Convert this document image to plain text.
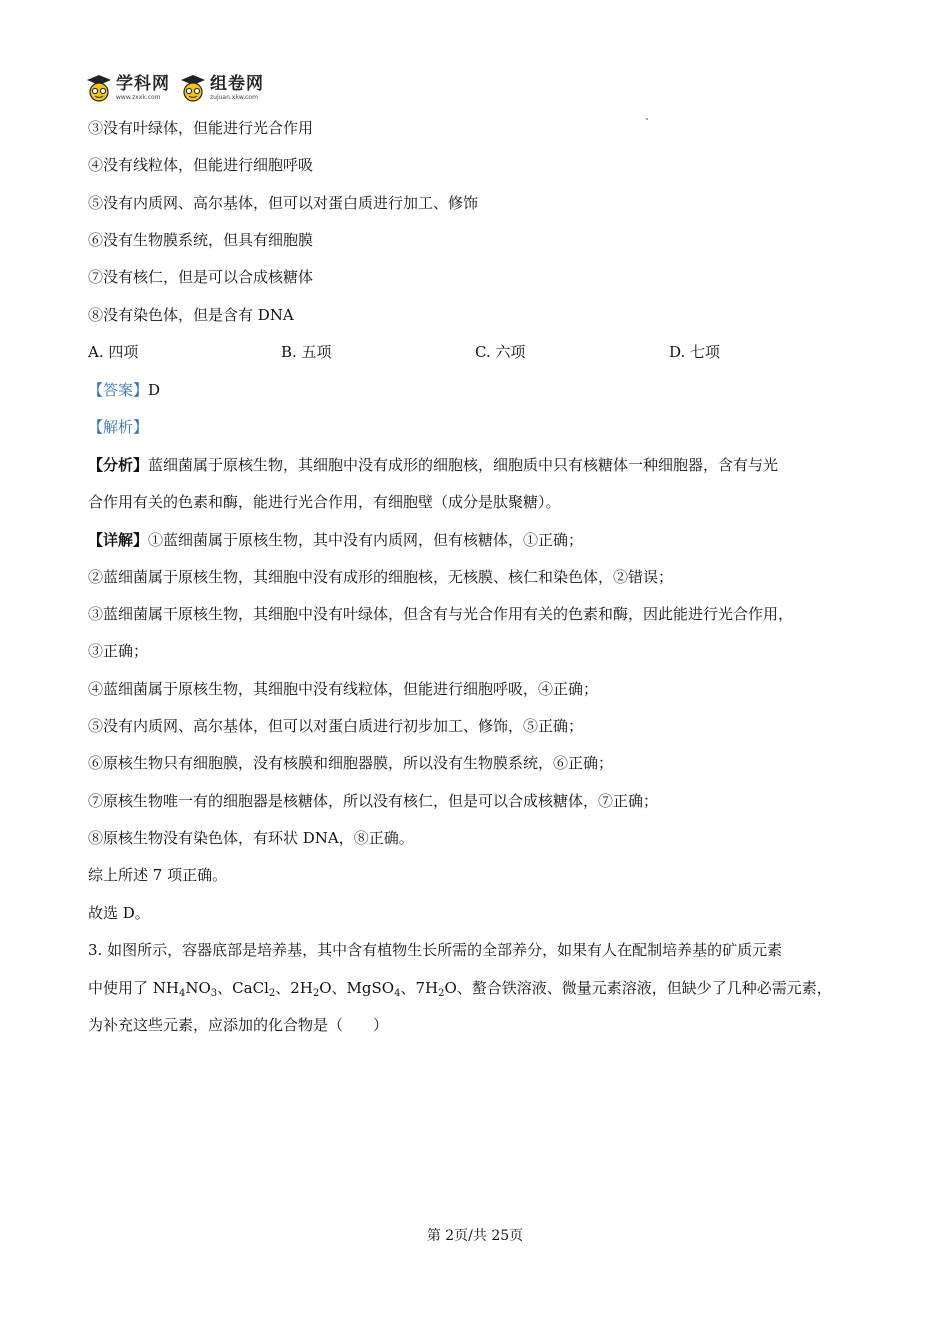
学科网
www.zxxk.com
组卷网
zujuan.xkw.com
③没有叶绿体，但能进行光合作用
④没有线粒体，但能进行细胞呼吸
⑤没有内质网、高尔基体，但可以对蛋白质进行加工、修饰
⑥没有生物膜系统，但具有细胞膜
⑦没有核仁，但是可以合成核糖体
⑧没有染色体，但是含有 DNA
A. 四项	B. 五项	C. 六项	D. 七项
【答案】D
【解析】
【分析】蓝细菌属于原核生物，其细胞中没有成形的细胞核，细胞质中只有核糖体一种细胞器，含有与光
合作用有关的色素和酶，能进行光合作用，有细胞壁（成分是肽聚糖）。
【详解】①蓝细菌属于原核生物，其中没有内质网，但有核糖体，①正确；
②蓝细菌属于原核生物，其细胞中没有成形的细胞核，无核膜、核仁和染色体，②错误；
③蓝细菌属干原核生物，其细胞中没有叶绿体，但含有与光合作用有关的色素和酶，因此能进行光合作用，
③正确；
④蓝细菌属于原核生物，其细胞中没有线粒体，但能进行细胞呼吸，④正确；
⑤没有内质网、高尔基体，但可以对蛋白质进行初步加工、修饰，⑤正确；
⑥原核生物只有细胞膜，没有核膜和细胞器膜，所以没有生物膜系统，⑥正确；
⑦原核生物唯一有的细胞器是核糖体，所以没有核仁，但是可以合成核糖体，⑦正确；
⑧原核生物没有染色体，有环状 DNA，⑧正确。
综上所述 7 项正确。
故选 D。
3. 如图所示，容器底部是培养基，其中含有植物生长所需的全部养分，如果有人在配制培养基的矿质元素
中使用了 $NH_4NO_3$、CaCl$_2$、$2H_2O$、MgSO$_4$、$7H_2O$、螯合铁溶液、微量元素溶液，但缺少了几种必需元素，
为补充这些元素，应添加的化合物是（　　）
第 2页/共 25页
